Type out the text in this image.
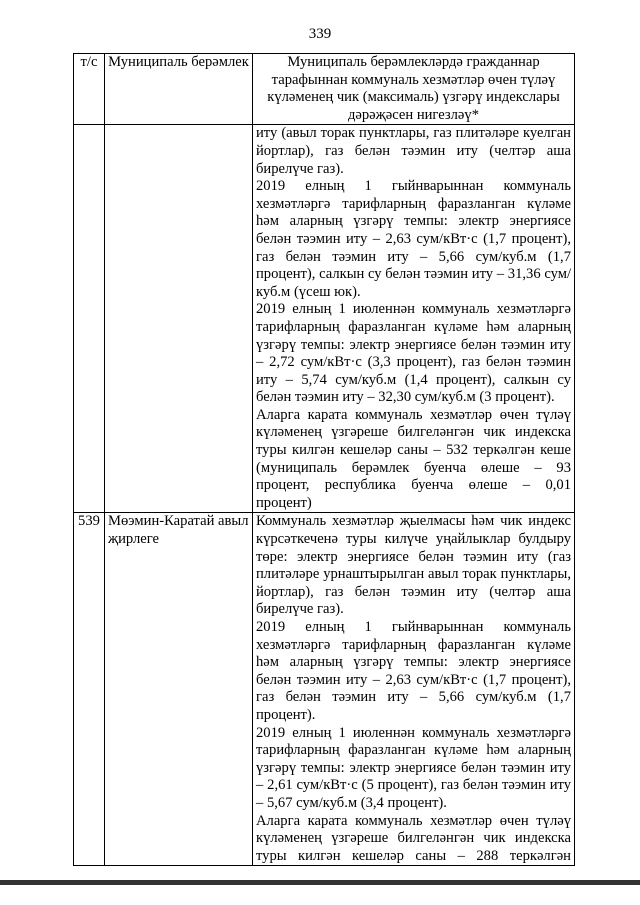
339
т/с	Муниципаль берәмлек	Муниципаль берәмлекләрдә гражданнар тарафыннан коммуналь хезмәтләр өчен түләү күләменең чик (максималь) үзгәрү индекслары дәрәҗәсен нигезләү*

		иту (авыл торак пунктлары, газ плитәләре куелган йортлар), газ белән тәэмин иту (челтәр аша бирелүче газ).

2019 елның 1 гыйнварыннан коммуналь хезмәтләргә тарифларның фаразланган күләме һәм аларның үзгәрү темпы: электр энергиясе белән тәэмин иту – 2,63 сум/кВт·с (1,7 процент), газ белән тәэмин иту – 5,66 сум/куб.м (1,7 процент), салкын су белән тәэмин иту – 31,36 сум/куб.м (үсеш юк).

2019 елның 1 июленнән коммуналь хезмәтләргә тарифларның фаразланган күләме һәм аларның үзгәрү темпы: электр энергиясе белән тәэмин иту – 2,72 сум/кВт·с (3,3 процент), газ белән тәэмин иту – 5,74 сум/куб.м (1,4 процент), салкын су белән тәэмин иту – 32,30 сум/куб.м (3 процент).

Аларга карата коммуналь хезмәтләр өчен түләү күләменең үзгәреше билгеләнгән чик индекска туры килгән кешеләр саны – 532 теркәлгән кеше (муниципаль берәмлек буенча өлеше – 93 процент, республика буенча өлеше – 0,01 процент)

539	Мөэмин-Каратай авыл җирлеге	Коммуналь хезмәтләр җыелмасы һәм чик индекс күрсәткеченә туры килүче уңайлыклар булдыру төре: электр энергиясе белән тәэмин иту (газ плитәләре урнаштырылган авыл торак пунктлары, йортлар), газ белән тәэмин иту (челтәр аша бирелүче газ).

2019 елның 1 гыйнварыннан коммуналь хезмәтләргә тарифларның фаразланган күләме һәм аларның үзгәрү темпы: электр энергиясе белән тәэмин иту – 2,63 сум/кВт·с (1,7 процент), газ белән тәэмин иту – 5,66 сум/куб.м (1,7 процент).

2019 елның 1 июленнән коммуналь хезмәтләргә тарифларның фаразланган күләме һәм аларның үзгәрү темпы: электр энергиясе белән тәэмин иту – 2,61 сум/кВт·с (5 процент), газ белән тәэмин иту – 5,67 сум/куб.м (3,4 процент).

Аларга карата коммуналь хезмәтләр өчен түләү күләменең үзгәреше билгеләнгән чик индекска туры килгән кешеләр саны – 288 теркәлгән
